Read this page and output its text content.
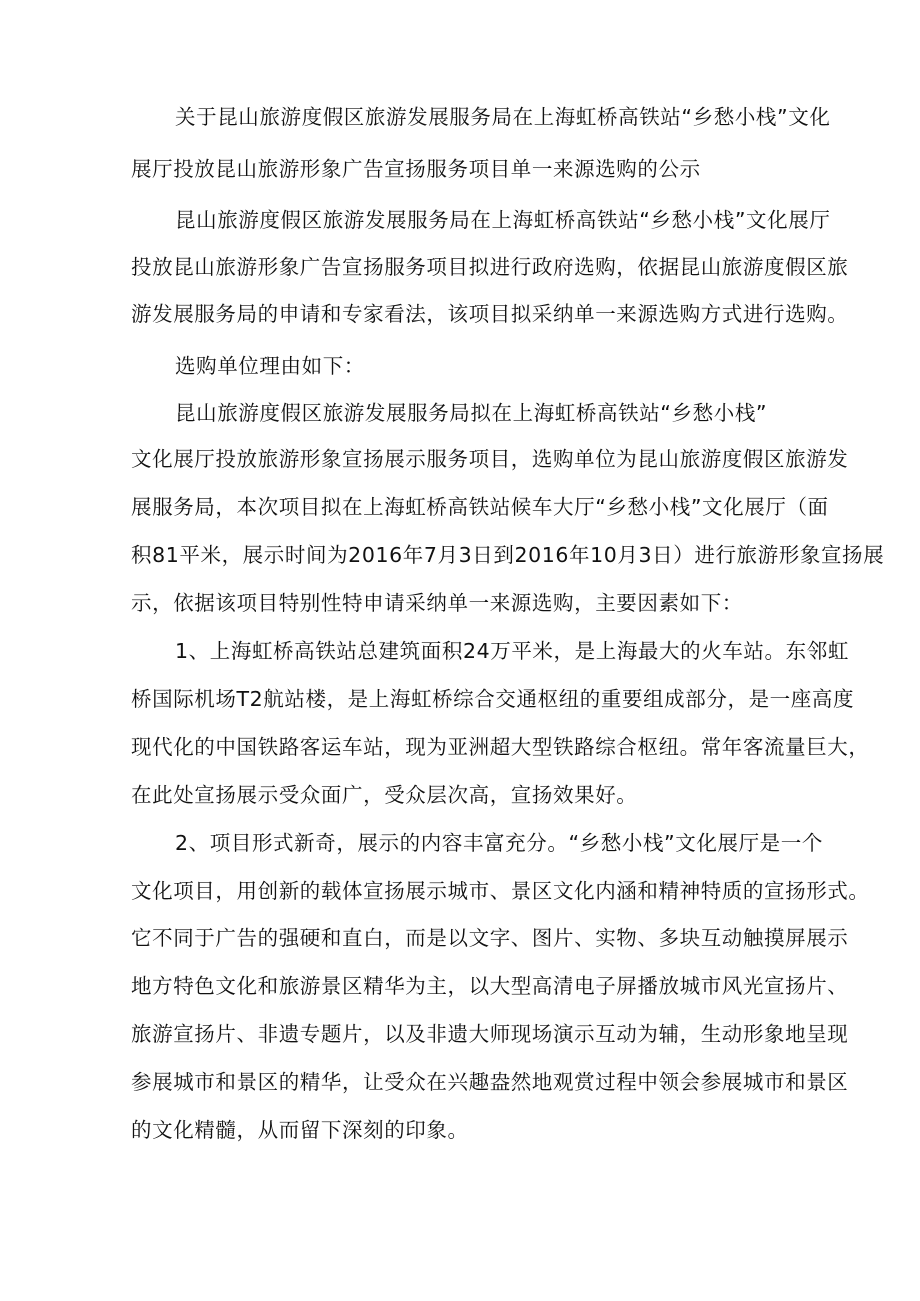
关于昆山旅游度假区旅游发展服务局在上海虹桥高铁站“乡愁小栈”文化
展厅投放昆山旅游形象广告宣扬服务项目单一来源选购的公示
昆山旅游度假区旅游发展服务局在上海虹桥高铁站“乡愁小栈”文化展厅
投放昆山旅游形象广告宣扬服务项目拟进行政府选购，依据昆山旅游度假区旅
游发展服务局的申请和专家看法，该项目拟采纳单一来源选购方式进行选购。
选购单位理由如下：
昆山旅游度假区旅游发展服务局拟在上海虹桥高铁站“乡愁小栈”
文化展厅投放旅游形象宣扬展示服务项目，选购单位为昆山旅游度假区旅游发
展服务局，本次项目拟在上海虹桥高铁站候车大厅“乡愁小栈”文化展厅（面
积81平米，展示时间为2016年7月3日到2016年10月3日）进行旅游形象宣扬展
示，依据该项目特别性特申请采纳单一来源选购，主要因素如下：
1、上海虹桥高铁站总建筑面积24万平米，是上海最大的火车站。东邻虹
桥国际机场T2航站楼，是上海虹桥综合交通枢纽的重要组成部分，是一座高度
现代化的中国铁路客运车站，现为亚洲超大型铁路综合枢纽。常年客流量巨大，
在此处宣扬展示受众面广，受众层次高，宣扬效果好。
2、项目形式新奇，展示的内容丰富充分。“乡愁小栈”文化展厅是一个
文化项目，用创新的载体宣扬展示城市、景区文化内涵和精神特质的宣扬形式。
它不同于广告的强硬和直白，而是以文字、图片、实物、多块互动触摸屏展示
地方特色文化和旅游景区精华为主，以大型高清电子屏播放城市风光宣扬片、
旅游宣扬片、非遗专题片，以及非遗大师现场演示互动为辅，生动形象地呈现
参展城市和景区的精华，让受众在兴趣盎然地观赏过程中领会参展城市和景区
的文化精髓，从而留下深刻的印象。
